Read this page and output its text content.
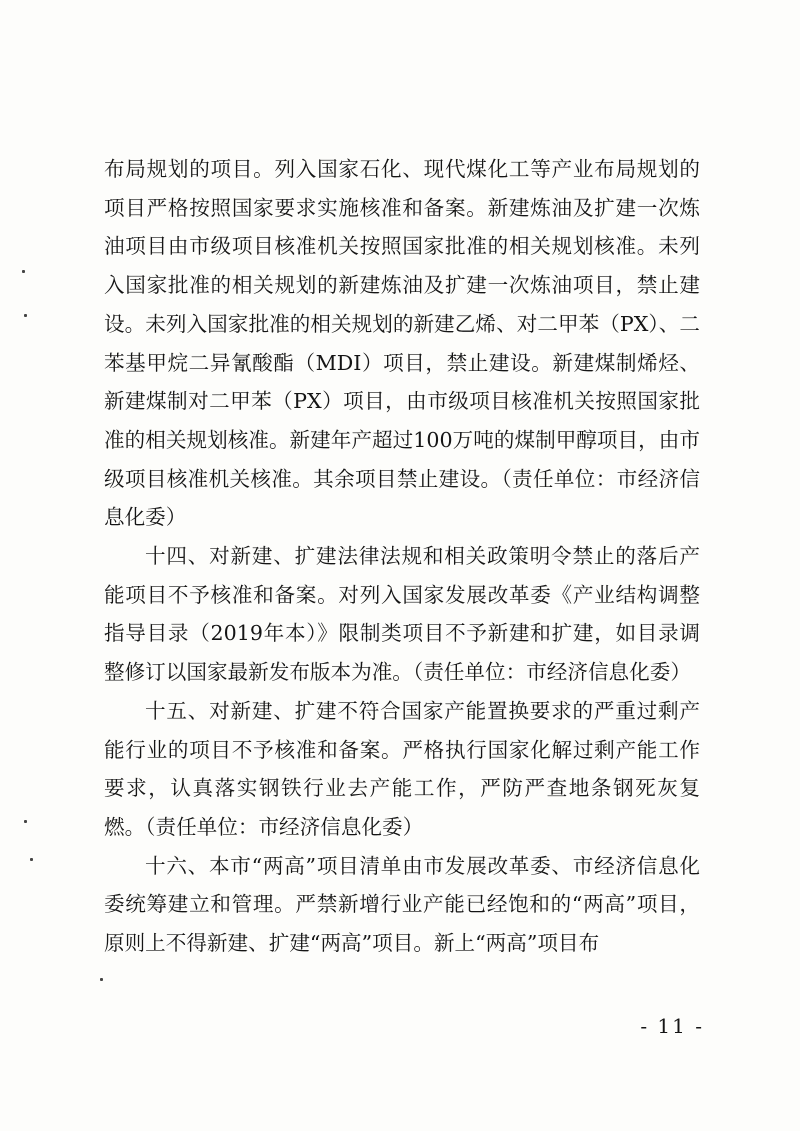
布局规划的项目。列入国家石化、现代煤化工等产业布局规划的项目严格按照国家要求实施核准和备案。新建炼油及扩建一次炼油项目由市级项目核准机关按照国家批准的相关规划核准。未列入国家批准的相关规划的新建炼油及扩建一次炼油项目，禁止建设。未列入国家批准的相关规划的新建乙烯、对二甲苯（PX）、二苯基甲烷二异氰酸酯（MDI）项目，禁止建设。新建煤制烯烃、新建煤制对二甲苯（PX）项目，由市级项目核准机关按照国家批准的相关规划核准。新建年产超过100万吨的煤制甲醇项目，由市级项目核准机关核准。其余项目禁止建设。（责任单位：市经济信息化委）

十四、对新建、扩建法律法规和相关政策明令禁止的落后产能项目不予核准和备案。对列入国家发展改革委《产业结构调整指导目录（2019年本）》限制类项目不予新建和扩建，如目录调整修订以国家最新发布版本为准。（责任单位：市经济信息化委）

十五、对新建、扩建不符合国家产能置换要求的严重过剩产能行业的项目不予核准和备案。严格执行国家化解过剩产能工作要求，认真落实钢铁行业去产能工作，严防严查地条钢死灰复燃。（责任单位：市经济信息化委）

十六、本市“两高”项目清单由市发展改革委、市经济信息化委统筹建立和管理。严禁新增行业产能已经饱和的“两高”项目，原则上不得新建、扩建“两高”项目。新上“两高”项目布

- 11 -
